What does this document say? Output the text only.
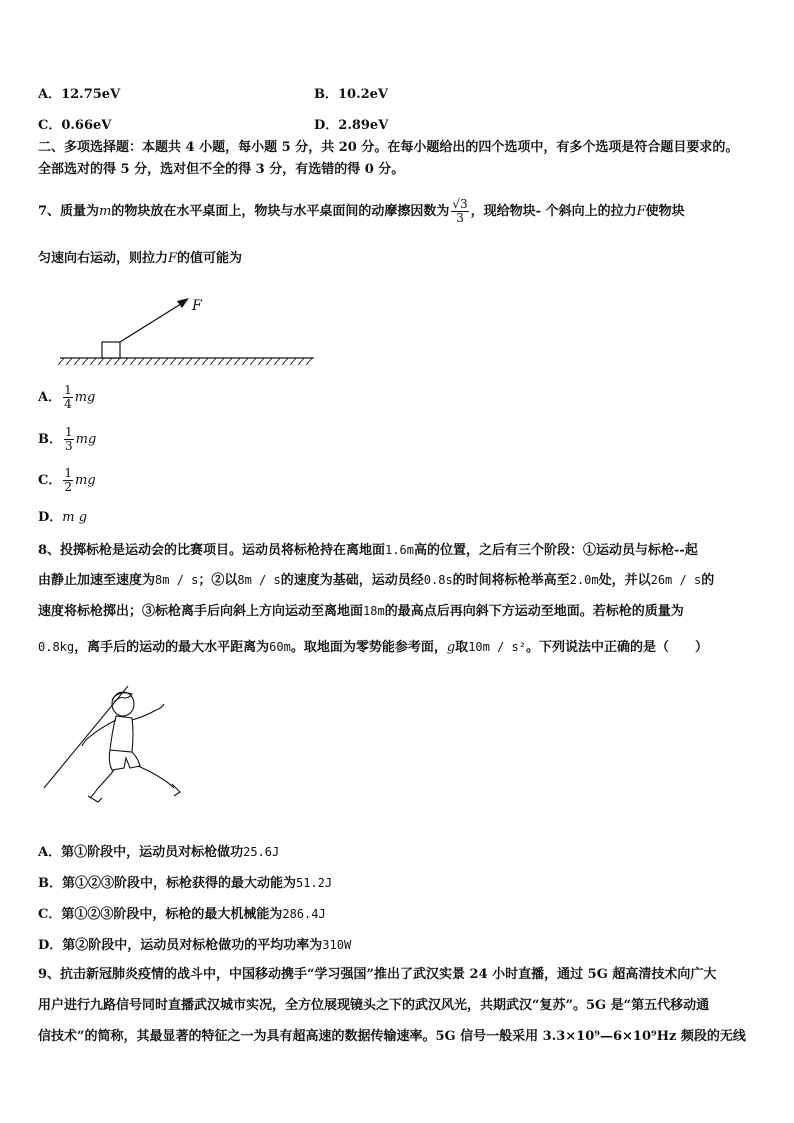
A．12.75eV	B．10.2eV
C．0.66eV	D．2.89eV
二、多项选择题：本题共 4 小题，每小题 5 分，共 20 分。在每小题给出的四个选项中，有多个选项是符合题目要求的。
全部选对的得 5 分，选对但不全的得 3 分，有选错的得 0 分。
7、质量为m的物块放在水平桌面上，物块与水平桌面间的动摩擦因数为 $\frac{√3}{3}$ ，现给物块- 个斜向上的拉力F使物块
匀速向右运动，则拉力F的值可能为
F
A． $\frac{1}{4}$ mg
B． $\frac{1}{3}$ mg
C． $\frac{1}{2}$ mg
D．m g
8、投掷标枪是运动会的比赛项目。运动员将标枪持在离地面1.6m高的位置，之后有三个阶段：①运动员与标枪--起
由静止加速至速度为8m / s；②以8m / s的速度为基础，运动员经0.8s的时间将标枪举高至2.0m处，并以26m / s的
速度将标枪掷出；③标枪离手后向斜上方向运动至离地面18m的最高点后再向斜下方运动至地面。若标枪的质量为
0.8kg，离手后的运动的最大水平距离为60m。取地面为零势能参考面，g取10m / s²。下列说法中正确的是（　　）
A．第①阶段中，运动员对标枪做功25.6J
B．第①②③阶段中，标枪获得的最大动能为51.2J
C．第①②③阶段中，标枪的最大机械能为286.4J
D．第②阶段中，运动员对标枪做功的平均功率为310W
9、抗击新冠肺炎疫情的战斗中，中国移动携手“学习强国”推出了武汉实景 24 小时直播，通过 5G 超高清技术向广大
用户进行九路信号同时直播武汉城市实况，全方位展现镜头之下的武汉风光，共期武汉“复苏”。5G 是“第五代移动通
信技术”的简称，其最显著的特征之一为具有超高速的数据传输速率。5G 信号一般采用 3.3×10⁹—6×10⁹Hz 频段的无线
